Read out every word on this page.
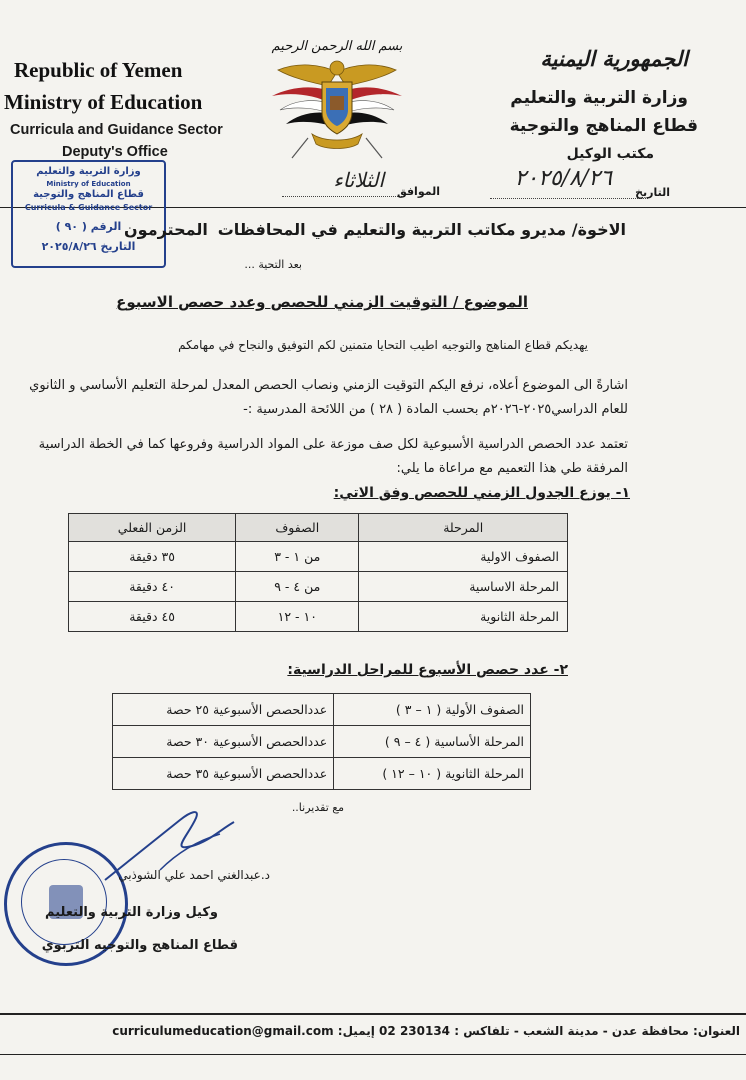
Republic of Yemen
Ministry of Education
Curricula and Guidance Sector
Deputy's Office
الجمهورية اليمنية
وزارة التربية والتعليم
قطاع المناهج والتوجية
مكتب الوكيل
بسم الله الرحمن الرحيم
٢٠٢٥/٨/٢٦
التاريخ
الثلاثاء الموافق
وزارة التربية والتعليم
Ministry of Education
قطاع المناهج والتوجية
Curricula & Guidance Sector
الرقم ( ٩٠ )
التاريخ ٢٠٢٥/٨/٢٦
الاخوة/ مديرو مكاتب التربية والتعليم في المحافظات
المحترمون
بعد التحية ...
الموضوع / التوقيت الزمني للحصص وعدد حصص الاسبوع
يهديكم قطاع المناهج والتوجيه اطيب التحايا متمنين لكم التوفيق والنجاح في مهامكم
اشارةً الى الموضوع أعلاه، نرفع اليكم التوقيت الزمني ونصاب الحصص المعدل لمرحلة التعليم الأساسي و الثانوي للعام الدراسي٢٠٢٥-٢٠٢٦م بحسب المادة ( ٢٨ ) من اللائحة المدرسية :-
تعتمد عدد الحصص الدراسية الأسبوعية لكل صف موزعة على المواد الدراسية وفروعها كما في الخطة الدراسية المرفقة طي هذا التعميم مع مراعاة ما يلي:
١- يوزع الجدول الزمني للحصص وفق الاتي:
المرحلة	الصفوف	الزمن الفعلي
الصفوف الاولية	من ١ - ٣	٣٥ دقيقة
المرحلة الاساسية	من ٤ - ٩	٤٠ دقيقة
المرحلة الثانوية	١٠ - ١٢	٤٥ دقيقة
٢- عدد حصص الأسبوع للمراحل الدراسية:
الصفوف الأولية ( ١ – ٣ )	عددالحصص الأسبوعية ٢٥ حصة
المرحلة الأساسية ( ٤ – ٩ )	عددالحصص الأسبوعية ٣٠ حصة
المرحلة الثانوية ( ١٠ – ١٢ )	عددالحصص الأسبوعية ٣٥ حصة
مع تقديرنا..
د.عبدالغني احمد علي الشوذبي
وكيل وزارة التربية والتعليم
قطاع المناهج والتوجيه التربوي
العنوان: محافظة عدن - مدينة الشعب - تلفاكس : 230134 02 إيميل: curriculumeducation@gmail.com
